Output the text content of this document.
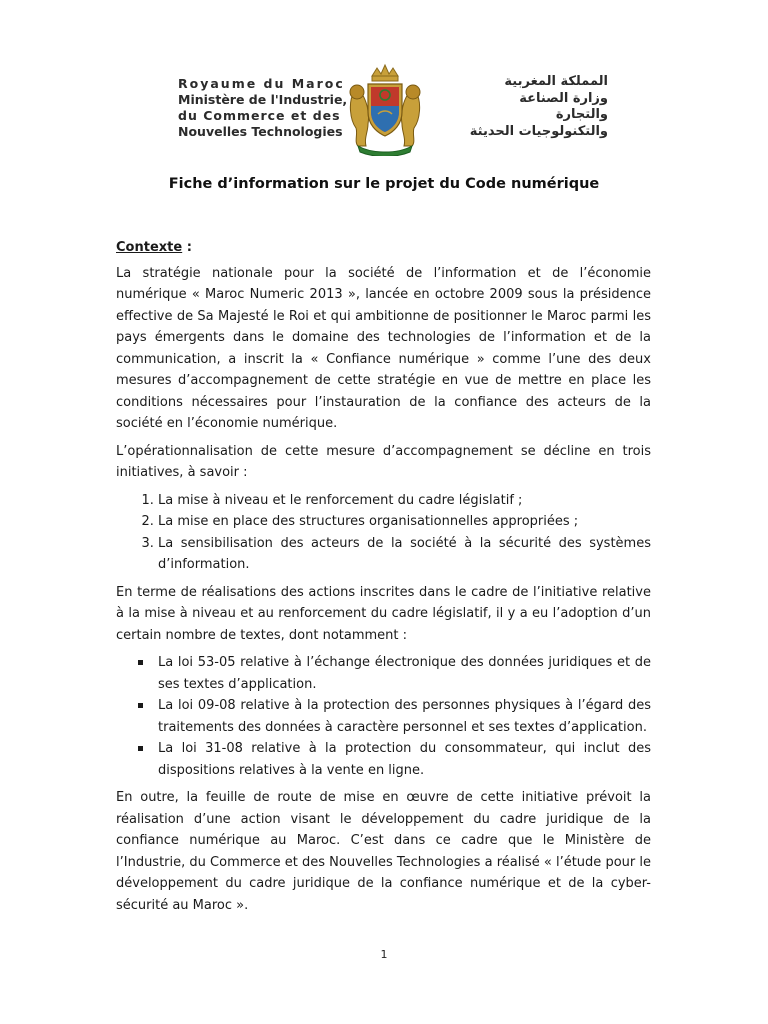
Royaume du Maroc
Ministère de l'Industrie,
du Commerce et des
Nouvelles Technologies
المملكة المغربية
وزارة الصناعة
والتجارة
والتكنولوجيات الحديثة
Fiche d’information sur le projet du Code numérique
Contexte :

La stratégie nationale pour la société de l’information et de l’économie numérique « Maroc Numeric 2013 », lancée en octobre 2009 sous la présidence effective de Sa Majesté le Roi et qui ambitionne de positionner le Maroc parmi les pays émergents dans le domaine des technologies de l’information et de la communication, a inscrit la « Confiance numérique » comme l’une des deux mesures d’accompagnement de cette stratégie en vue de mettre en place les conditions nécessaires pour l’instauration de la confiance des acteurs de la société en l’économie numérique.

L’opérationnalisation de cette mesure d’accompagnement se décline en trois initiatives, à savoir :

1. La mise à niveau et le renforcement du cadre législatif ;
2. La mise en place des structures organisationnelles appropriées ;
3. La sensibilisation des acteurs de la société à la sécurité des systèmes d’information.

En terme de réalisations des actions inscrites dans le cadre de l’initiative relative à la mise à niveau et au renforcement du cadre législatif, il y a eu l’adoption d’un certain nombre de textes, dont notamment :

La loi 53-05 relative à l’échange électronique des données juridiques et de ses textes d’application.
La loi 09-08 relative à la protection des personnes physiques à l’égard des traitements des données à caractère personnel et ses textes d’application.
La loi 31-08 relative à la protection du consommateur, qui inclut des dispositions relatives à la vente en ligne.

En outre, la feuille de route de mise en œuvre de cette initiative prévoit la réalisation d’une action visant le développement du cadre juridique de la confiance numérique au Maroc. C’est dans ce cadre que le Ministère de l’Industrie, du Commerce et des Nouvelles Technologies a réalisé « l’étude pour le développement du cadre juridique de la confiance numérique et de la cyber-sécurité au Maroc ».

1
